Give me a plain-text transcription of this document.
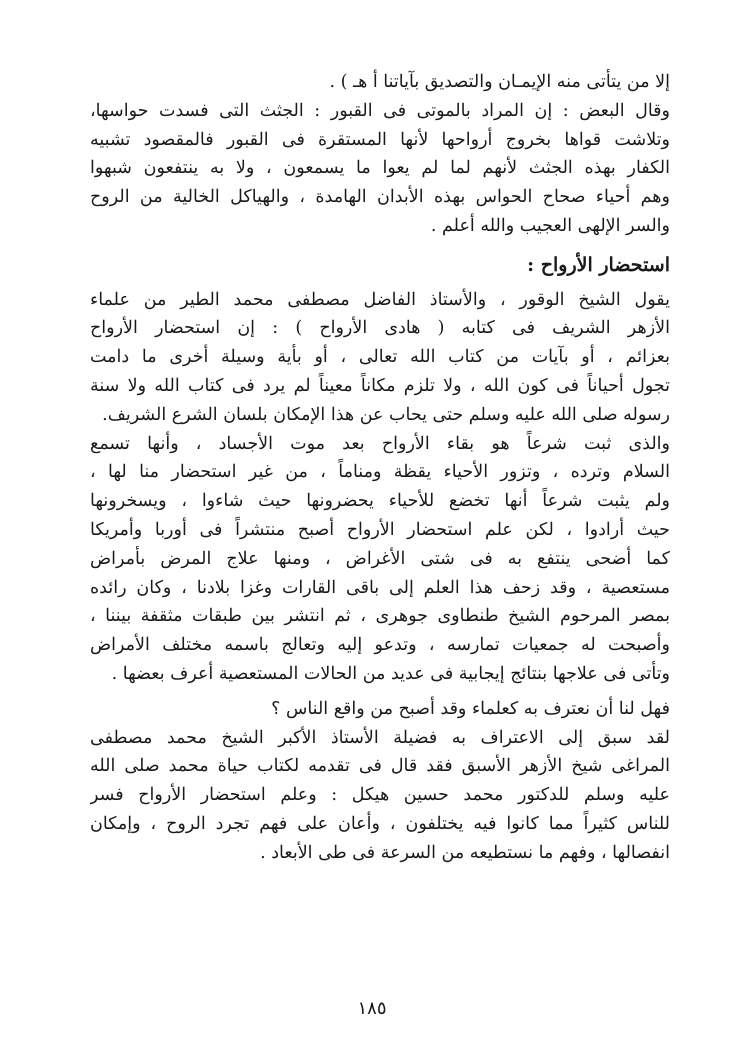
إلا من يتأتى منه الإيمـان والتصديق بآياتنا أ هـ ) .
وقال البعض : إن المراد بالموتى فى القبور : الجثث التى فسدت حواسها،
وتلاشت قواها بخروج أرواحها لأنها المستقرة فى القبور فالمقصود تشبيه
الكفار بهذه الجثث لأنهم لما لم يعوا ما يسمعون ، ولا به ينتفعون شبهوا
وهم أحياء صحاح الحواس بهذه الأبدان الهامدة ، والهياكل الخالية من الروح
والسر الإلهى العجيب والله أعلم .
استحضار الأرواح :
يقول الشيخ الوقور ، والأستاذ الفاضل مصطفى محمد الطير من علماء
الأزهر الشريف فى كتابه ( هادى الأرواح ) : إن استحضار الأرواح
بعزائم ، أو بآيات من كتاب الله تعالى ، أو بأية وسيلة أخرى ما دامت
تجول أحياناً فى كون الله ، ولا تلزم مكاناً معيناً لم يرد فى كتاب الله ولا سنة
رسوله صلى الله عليه وسلم حتى يحاب عن هذا الإمكان بلسان الشرع الشريف.
والذى ثبت شرعاً هو بقاء الأرواح بعد موت الأجساد ، وأنها تسمع
السلام وترده ، وتزور الأحياء يقظة ومناماً ، من غير استحضار منا لها ،
ولم يثبت شرعاً أنها تخضع للأحياء يحضرونها حيث شاءوا ، ويسخرونها
حيث أرادوا ، لكن علم استحضار الأرواح أصبح منتشراً فى أوربا وأمريكا
كما أضحى ينتفع به فى شتى الأغراض ، ومنها علاج المرض بأمراض
مستعصية ، وقد زحف هذا العلم إلى باقى القارات وغزا بلادنا ، وكان رائده
بمصر المرحوم الشيخ طنطاوى جوهرى ، ثم انتشر بين طبقات مثقفة بيننا ،
وأصبحت له جمعيات تمارسه ، وتدعو إليه وتعالج باسمه مختلف الأمراض
وتأتى فى علاجها بنتائج إيجابية فى عديد من الحالات المستعصية أعرف بعضها .
فهل لنا أن نعترف به كعلماء وقد أصبح من واقع الناس ؟
لقد سبق إلى الاعتراف به فضيلة الأستاذ الأكبر الشيخ محمد مصطفى
المراغى شيخ الأزهر الأسبق فقد قال فى تقدمه لكتاب حياة محمد صلى الله
عليه وسلم للدكتور محمد حسين هيكل : وعلم استحضار الأرواح فسر
للناس كثيراً مما كانوا فيه يختلفون ، وأعان على فهم تجرد الروح ، وإمكان
انفصالها ، وفهم ما نستطيعه من السرعة فى طى الأبعاد .
١٨٥
